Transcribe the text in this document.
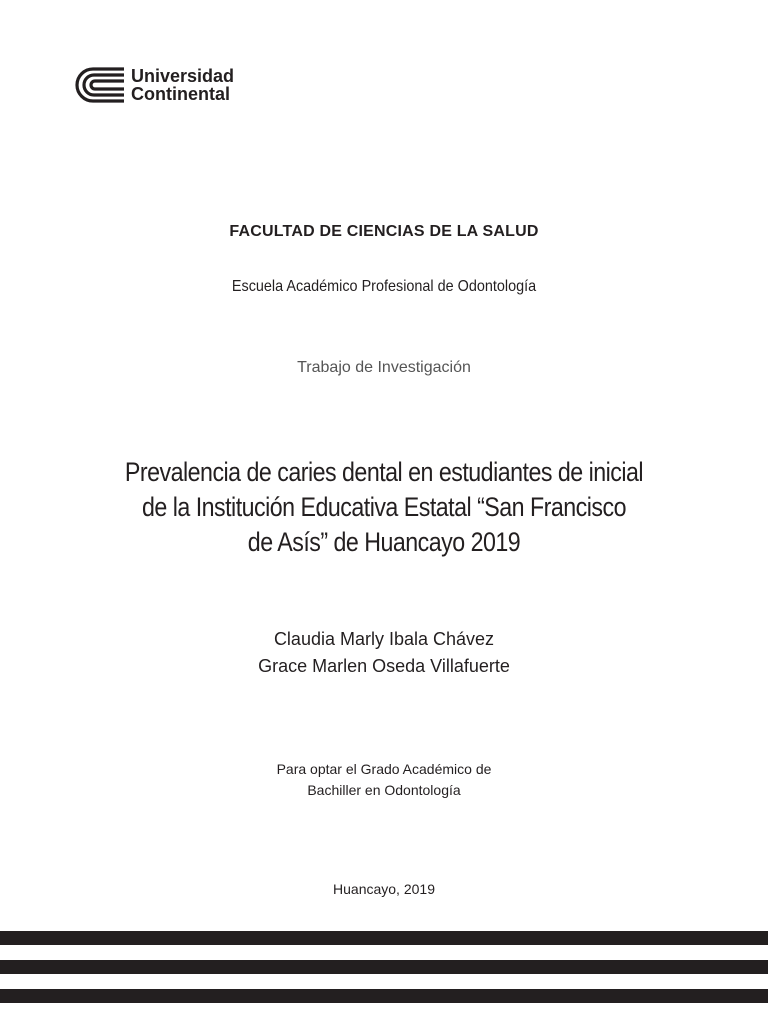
Universidad
Continental
FACULTAD DE CIENCIAS DE LA SALUD
Escuela Académico Profesional de Odontología
Trabajo de Investigación
Prevalencia de caries dental en estudiantes de inicial
de la Institución Educativa Estatal “San Francisco
de Asís” de Huancayo 2019
Claudia Marly Ibala Chávez
Grace Marlen Oseda Villafuerte
Para optar el Grado Académico de
Bachiller en Odontología
Huancayo, 2019
